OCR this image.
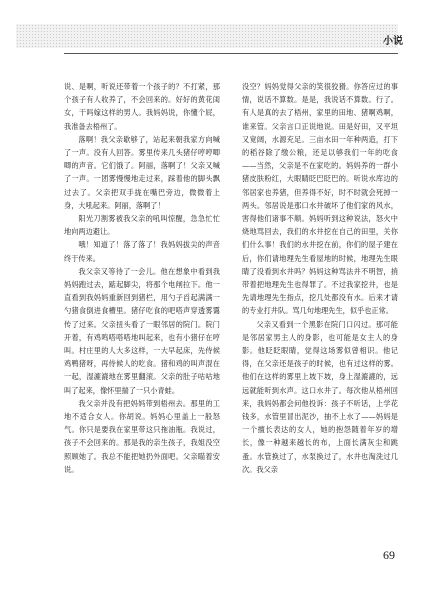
小说

说、是啊，听说还带着一个孩子的？不打紧，那个孩子有人收养了，不会回来的。好好的黄花闺女，干吗嫁这样的男人。我妈妈说，你懂个屁，我准备去梧州了。

落啊！我父亲歇够了，站起来朝我家方向喊了一声。没有人回答。雾里传来几头猪仔哼哼唧唧的声音。它们饿了。阿丽，落啊了！父亲又喊了一声。一团雾慢慢地走过来，踩着他的脚头飘过去了。父亲把双手拢在嘴巴旁边，微微着上身，大吼起来。阿丽，落啊了！

阳光刀割雾被我父亲的吼叫惊醒，急急忙忙地向两边避让。

哦！知道了！落了落了！我妈妈拔尖的声音终于传来。

我父亲又等待了一会儿。他在想象中看到我妈妈跑过去，踮起脚尖，将那个电闸拉下。他一直看到我妈妈重新回到猪栏，用勺子舀起满满一勺猪食倒进食槽里。猪仔吃食的吧嗒声穿透雾霭传了过来。父亲扭头看了一眼邻居的院门。院门开着，有鸡鸣嗒嗒嗒地叫起来，也有小猪仔在哼叫。村庄里的人大多这样，一大早起床，先侍候鸡鸭猪呀，再侍候人的吃食。猪和鸡的叫声混在一起，湿漉漉地在雾里翻滚。父亲的肚子咕咕地叫了起来，像怀里揣了一只小青蛙。

我父亲并没有把妈妈带到梧州去。那里的工地不适合女人。你胡说。妈妈心里盖上一般怒气。你只是要我在家里带这只拖油瓶。我说过，孩子不会回来的。那是我的亲生孩子，我姐没空照顾她了。我总不能把她扔外面吧。父亲瞄着安说。

没空？妈妈觉得父亲的笑很狡猾。你答应过的事情，说话不算数。是是，我说话不算数。行了。有人是真的去了梧州，家里的田地、猪啊鸡啊，谁来管。父亲言口正说地说。田是好田，又平坦又宽阔，水源充足。三亩水田一年种两造，打下的稻谷除了缴公粮，还足以够我们一年的吃食——当然，父亲是不在家吃的。妈妈养的一群小猪皮肤粉红，大眼睛眨巴眨巴的。听说水库边的邻居家也养猪，但养得不好，时不时就会死掉一两头。邻居说是那口水井破坏了他们家的风水，害得他们诸事不顺。妈妈听到这种说法，怒火中烧地骂回去，我们的水井挖在自己的田里，关你们什么事！我们的水井挖在前，你们的屋子建在后，你们请地理先生看屋地的时候，地理先生眼睛了没看到水井吗？妈妈这种骂法并不明智，捎带着把地理先生也得罪了。不过我家挖井，也是先请地理先生指点，挖几处都没有水。后来才请的专业打井队。骂几句地理先生，似乎也正常。

父亲又看到一个黑影在院门口闪过。那可能是邻居家男主人的身影，也可能是女主人的身影。他眨眨眼睛，觉得这场雾似曾相识。他记得，在父亲还是孩子的时候，也有过这样的雾。他们在这样的雾里上坡下坡，身上湿漉漉的，远远就能听到水声。这口水井了。每次他从梧州回来，我妈妈都会问他投诉：孩子不听话，上学花钱多，水管里冒出泥沙，抽不上水了——妈妈是一个擅长表达的女人，她的抱怨随着年岁的增长，像一种越来越长的布，上面长满灰尘和跳蚤。水管换过了，水泵换过了，水井也淘洗过几次。我父亲

69
